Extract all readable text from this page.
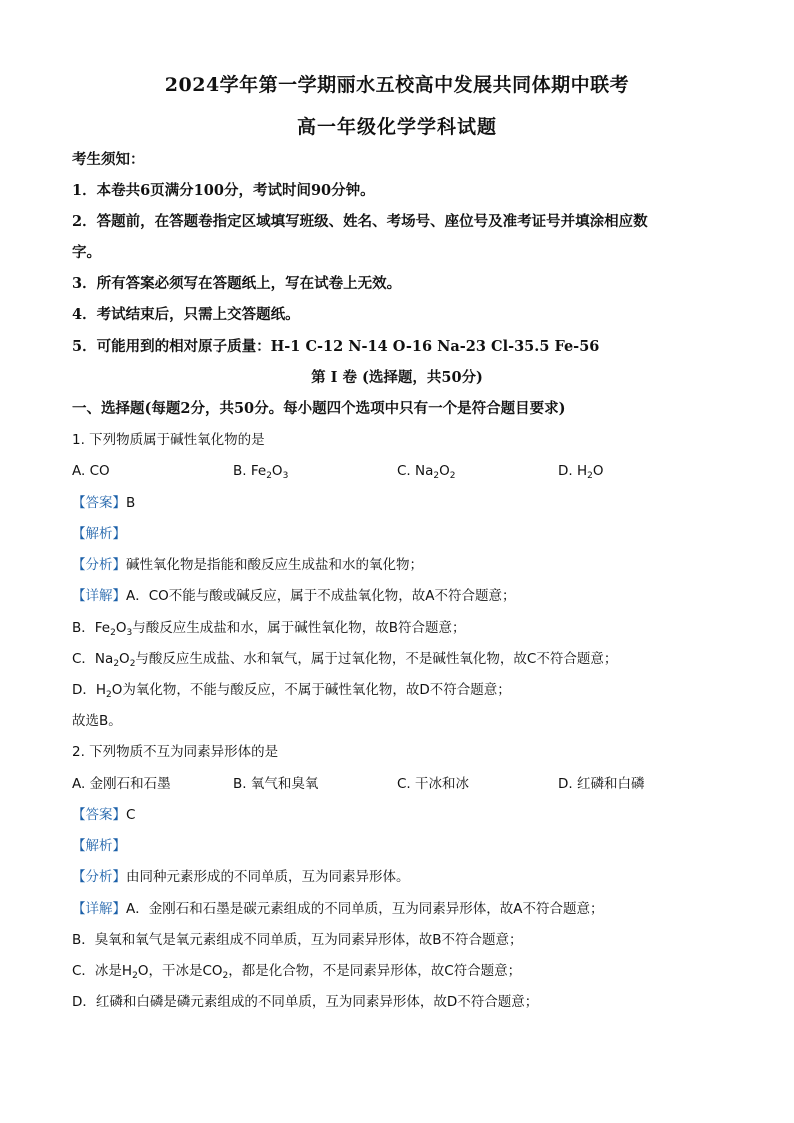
2024学年第一学期丽水五校高中发展共同体期中联考
高一年级化学学科试题
考生须知：
1．本卷共6页满分100分，考试时间90分钟。
2．答题前，在答题卷指定区域填写班级、姓名、考场号、座位号及准考证号并填涂相应数
字。
3．所有答案必须写在答题纸上，写在试卷上无效。
4．考试结束后，只需上交答题纸。
5．可能用到的相对原子质量：H-1 C-12 N-14 O-16 Na-23 Cl-35.5 Fe-56
第 I 卷 (选择题，共50分)
一、选择题(每题2分，共50分。每小题四个选项中只有一个是符合题目要求)
1. 下列物质属于碱性氧化物的是
A. CO	B. $Fe_2O_3$	C. $Na_2O_2$	D. $H_2O$
【答案】B
【解析】
【分析】碱性氧化物是指能和酸反应生成盐和水的氧化物；
【详解】A．CO不能与酸或碱反应，属于不成盐氧化物，故A不符合题意；
B．$Fe_2O_3$与酸反应生成盐和水，属于碱性氧化物，故B符合题意；
C．$Na_2O_2$与酸反应生成盐、水和氧气，属于过氧化物，不是碱性氧化物，故C不符合题意；
D．$H_2O$为氧化物，不能与酸反应，不属于碱性氧化物，故D不符合题意；
故选B。
2. 下列物质不互为同素异形体的是
A. 金刚石和石墨	B. 氧气和臭氧	C. 干冰和冰	D. 红磷和白磷
【答案】C
【解析】
【分析】由同种元素形成的不同单质，互为同素异形体。
【详解】A．金刚石和石墨是碳元素组成的不同单质，互为同素异形体，故A不符合题意；
B．臭氧和氧气是氧元素组成不同单质，互为同素异形体，故B不符合题意；
C．冰是$H_2O$，干冰是$CO_2$，都是化合物，不是同素异形体，故C符合题意；
D．红磷和白磷是磷元素组成的不同单质，互为同素异形体，故D不符合题意；
